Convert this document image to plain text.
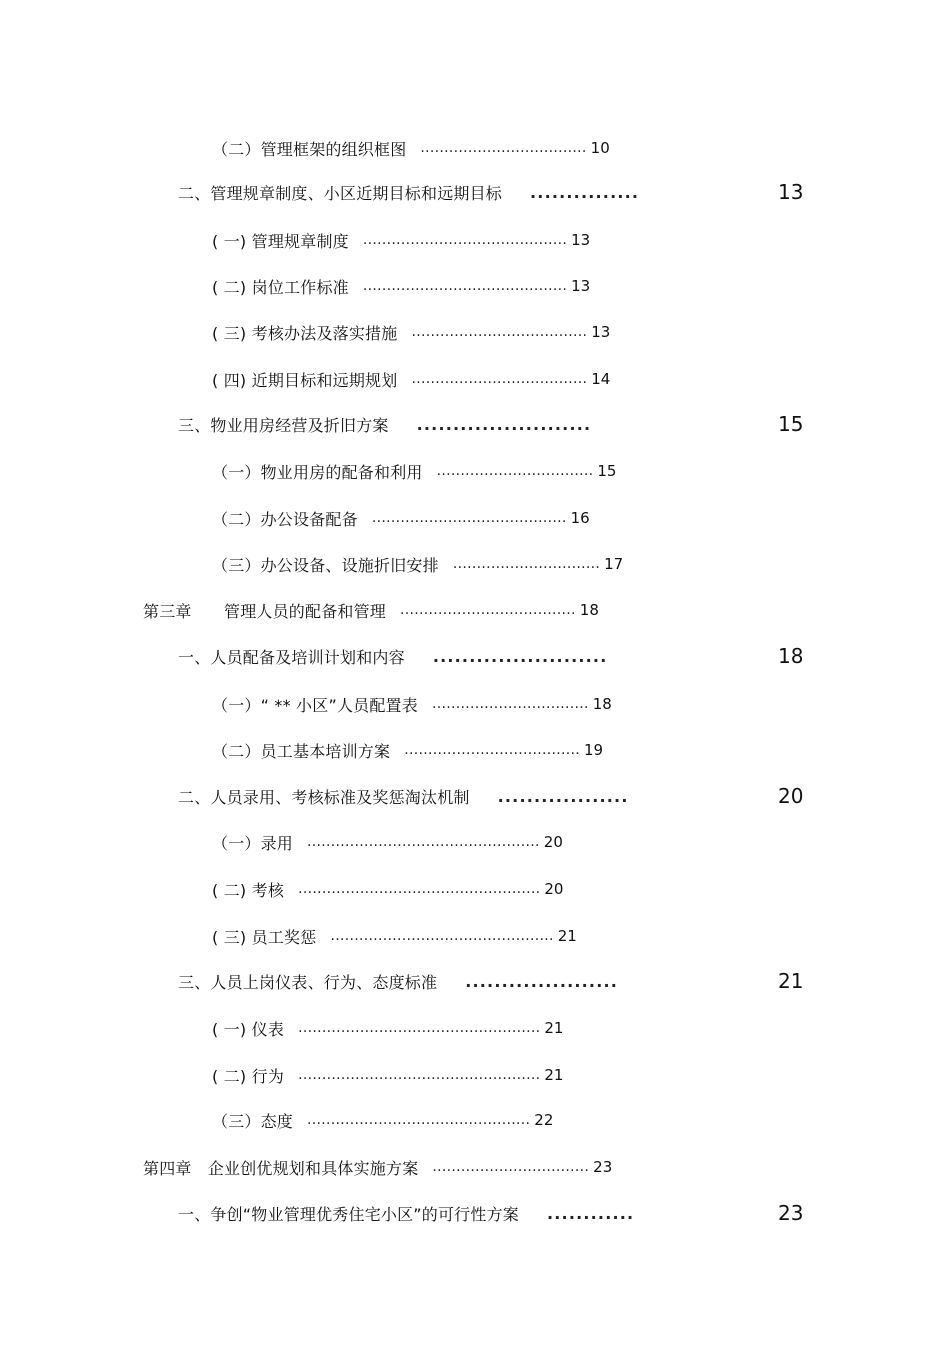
（二）管理框架的组织框图 ................................... 10
二、管理规章制度、小区近期目标和远期目标 ...............	13
( 一) 管理规章制度 ........................................... 13
( 二) 岗位工作标准 ........................................... 13
( 三) 考核办法及落实措施 ..................................... 13
( 四) 近期目标和远期规划 ..................................... 14
三、物业用房经营及折旧方案 ........................	15
（一）物业用房的配备和利用 ................................. 15
（二）办公设备配备 ......................................... 16
（三）办公设备、设施折旧安排 ............................... 17
第三章　　管理人员的配备和管理 ..................................... 18
一、人员配备及培训计划和内容 ........................	18
（一）“ ** 小区”人员配置表 ................................. 18
（二）员工基本培训方案 ..................................... 19
二、人员录用、考核标准及奖惩淘汰机制 ..................	20
（一）录用 ................................................. 20
( 二) 考核 ................................................... 20
( 三) 员工奖惩 ............................................... 21
三、人员上岗仪表、行为、态度标准 .....................	21
( 一) 仪表 ................................................... 21
( 二) 行为 ................................................... 21
（三）态度 ............................................... 22
第四章　企业创优规划和具体实施方案 ................................. 23
一、争创“物业管理优秀住宅小区”的可行性方案 ............	23
